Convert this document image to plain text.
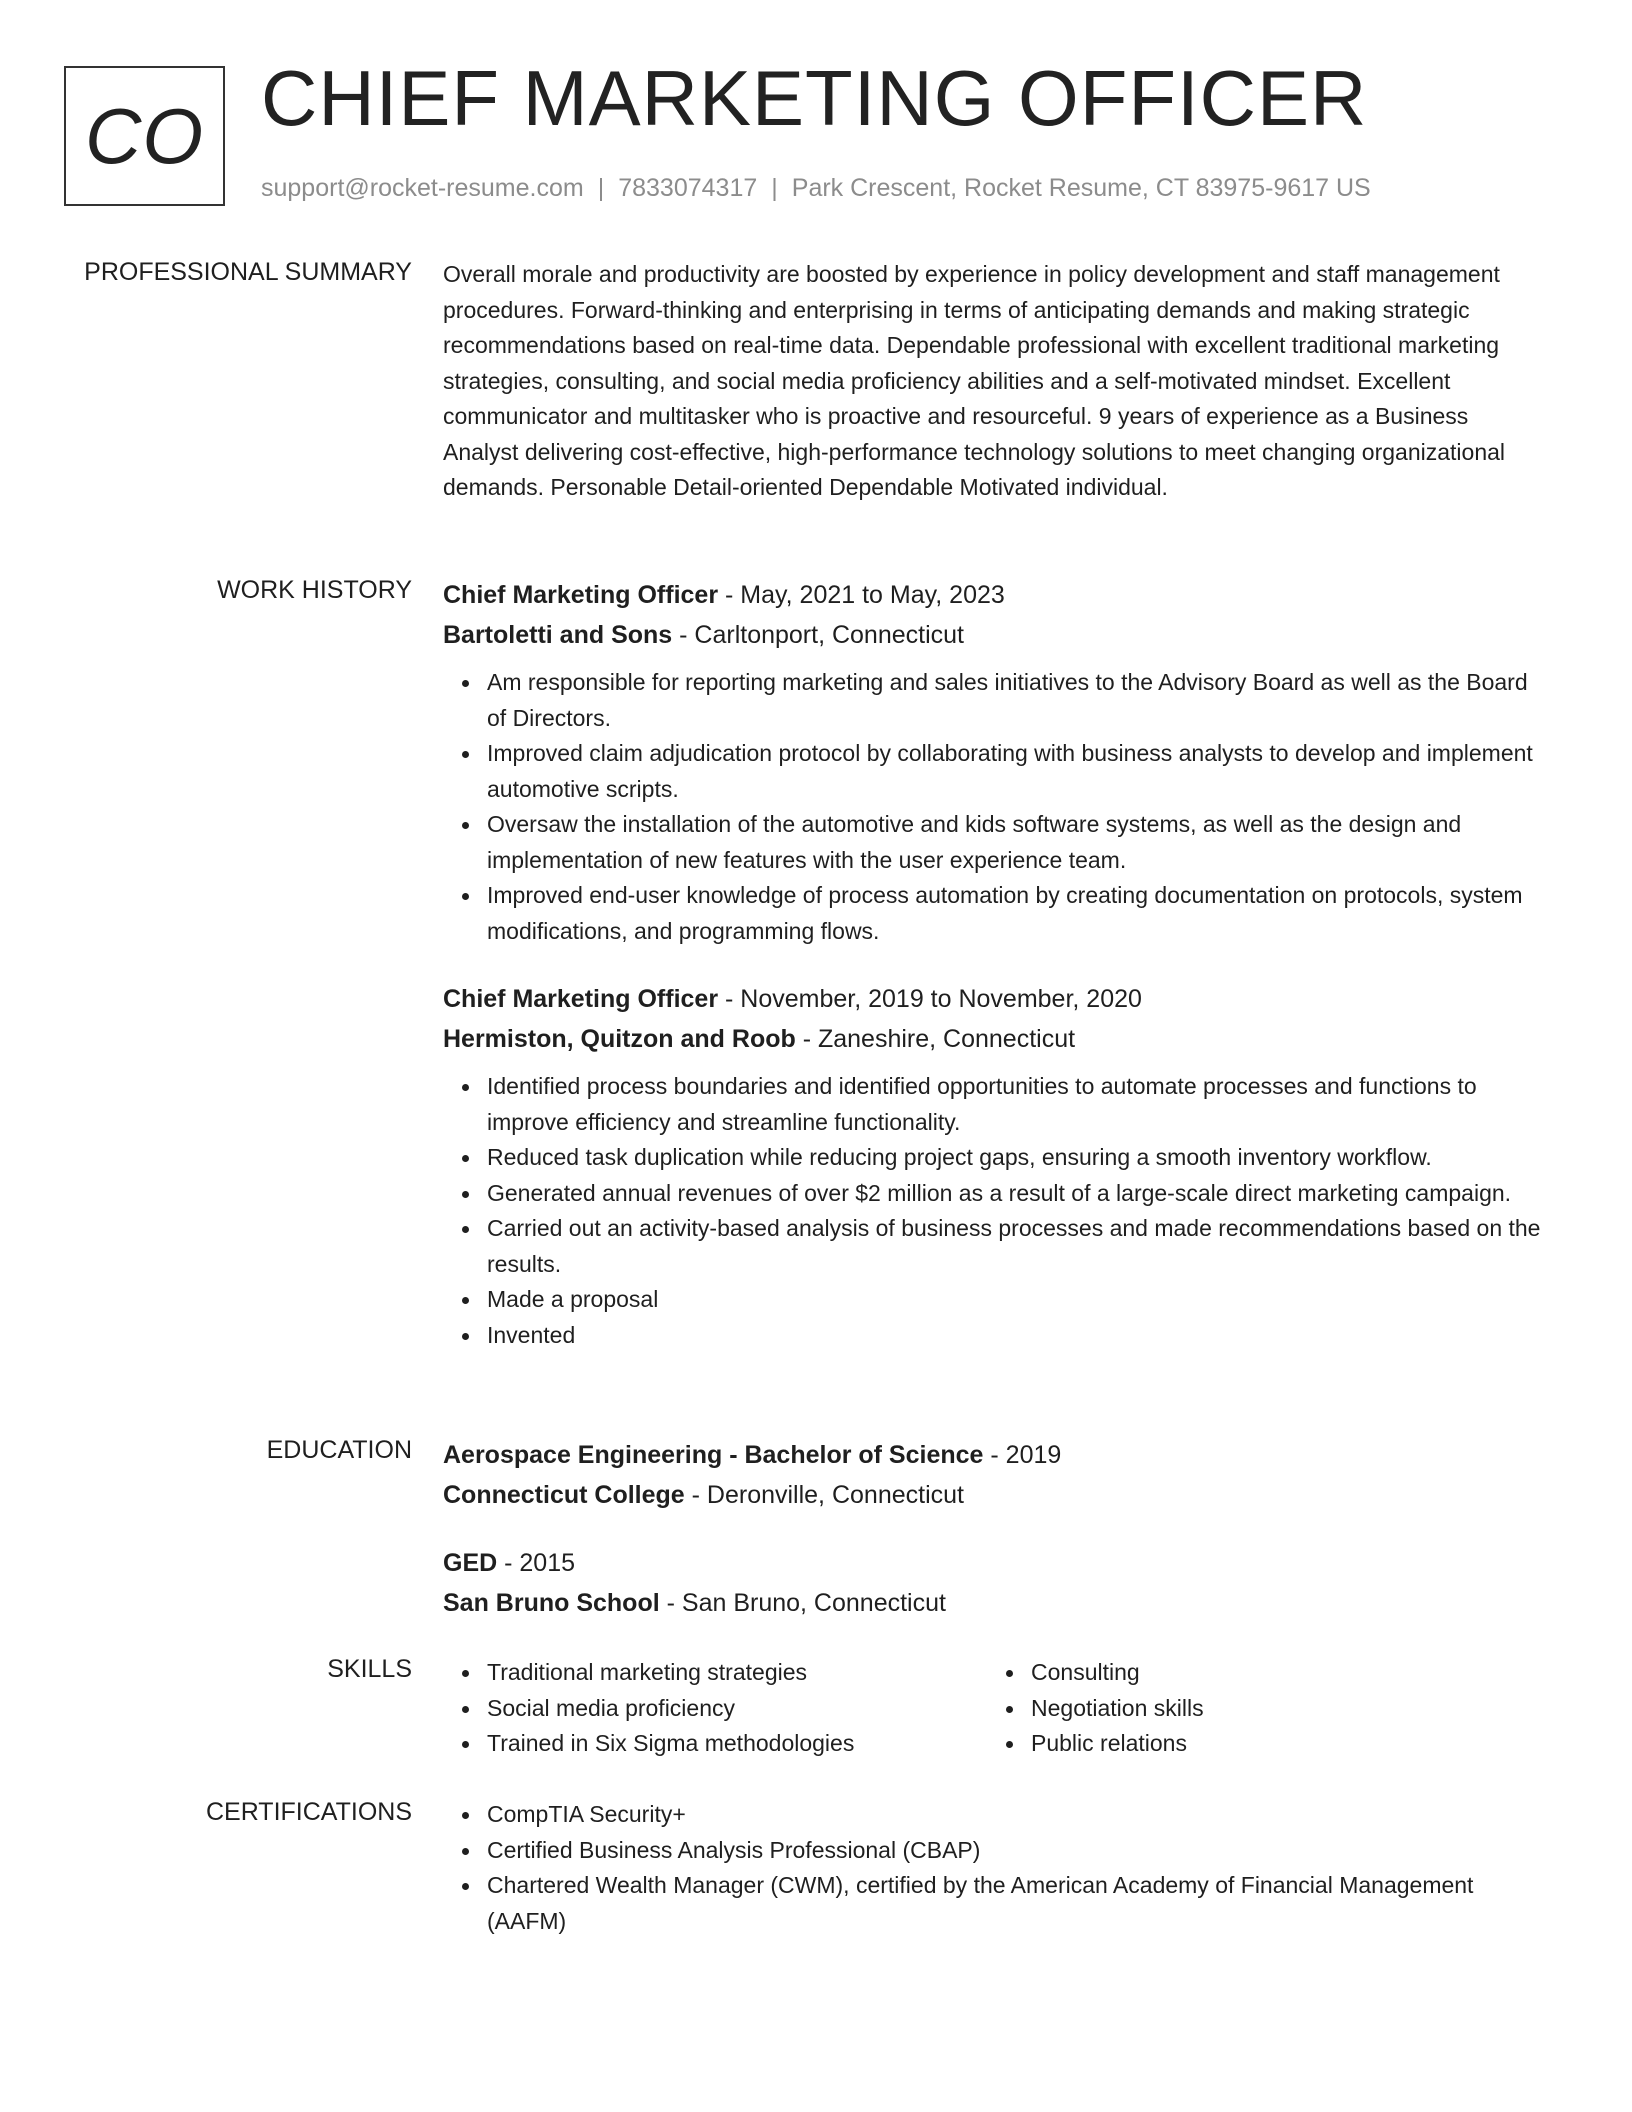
CO CHIEF MARKETING OFFICER
support@rocket-resume.com | 7833074317 | Park Crescent, Rocket Resume, CT 83975-9617 US
PROFESSIONAL SUMMARY Overall morale and productivity are boosted by experience in policy development and staff management procedures. Forward-thinking and enterprising in terms of anticipating demands and making strategic recommendations based on real-time data. Dependable professional with excellent traditional marketing strategies, consulting, and social media proficiency abilities and a self-motivated mindset. Excellent communicator and multitasker who is proactive and resourceful. 9 years of experience as a Business Analyst delivering cost-effective, high-performance technology solutions to meet changing organizational demands. Personable Detail-oriented Dependable Motivated individual.

WORK HISTORY Chief Marketing Officer - May, 2021 to May, 2023

Bartoletti and Sons - Carltonport, Connecticut

Am responsible for reporting marketing and sales initiatives to the Advisory Board as well as the Board of Directors.
Improved claim adjudication protocol by collaborating with business analysts to develop and implement automotive scripts.
Oversaw the installation of the automotive and kids software systems, as well as the design and implementation of new features with the user experience team.
Improved end-user knowledge of process automation by creating documentation on protocols, system modifications, and programming flows.

Chief Marketing Officer - November, 2019 to November, 2020

Hermiston, Quitzon and Roob - Zaneshire, Connecticut

Identified process boundaries and identified opportunities to automate processes and functions to improve efficiency and streamline functionality.
Reduced task duplication while reducing project gaps, ensuring a smooth inventory workflow.
Generated annual revenues of over $2 million as a result of a large-scale direct marketing campaign.
Carried out an activity-based analysis of business processes and made recommendations based on the results.
Made a proposal
Invented
EDUCATION Aerospace Engineering - Bachelor of Science - 2019

Connecticut College - Deronville, Connecticut

GED - 2015

San Bruno School - San Bruno, Connecticut

SKILLS	Traditional marketing strategies
Social media proficiency
Trained in Six Sigma methodologies
Consulting
Negotiation skills
Public relations
CERTIFICATIONS	CompTIA Security+
Certified Business Analysis Professional (CBAP)
Chartered Wealth Manager (CWM), certified by the American Academy of Financial Management (AAFM)
